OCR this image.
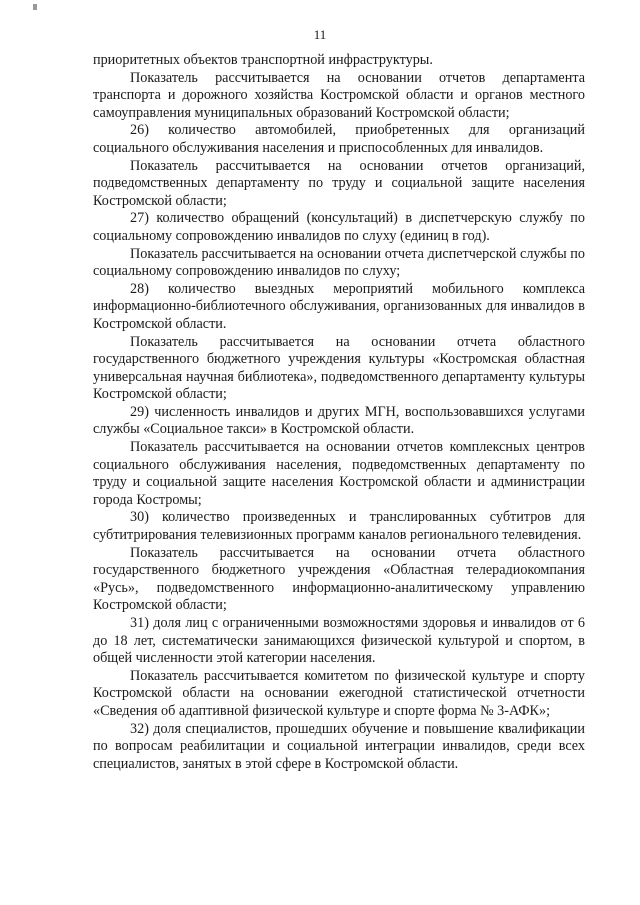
11

приоритетных объектов транспортной инфраструктуры.

Показатель рассчитывается на основании отчетов департамента транспорта и дорожного хозяйства Костромской области и органов местного самоуправления муниципальных образований Костромской области;

26) количество автомобилей, приобретенных для организаций социального обслуживания населения и приспособленных для инвалидов.

Показатель рассчитывается на основании отчетов организаций, подведомственных департаменту по труду и социальной защите населения Костромской области;

27) количество обращений (консультаций) в диспетчерскую службу по социальному сопровождению инвалидов по слуху (единиц в год).

Показатель рассчитывается на основании отчета диспетчерской службы по социальному сопровождению инвалидов по слуху;

28) количество выездных мероприятий мобильного комплекса информационно-библиотечного обслуживания, организованных для инвалидов в Костромской области.

Показатель рассчитывается на основании отчета областного государственного бюджетного учреждения культуры «Костромская областная универсальная научная библиотека», подведомственного департаменту культуры Костромской области;

29) численность инвалидов и других МГН, воспользовавшихся услугами службы «Социальное такси» в Костромской области.

Показатель рассчитывается на основании отчетов комплексных центров социального обслуживания населения, подведомственных департаменту по труду и социальной защите населения Костромской области и администрации города Костромы;

30) количество произведенных и транслированных субтитров для субтитрирования телевизионных программ каналов регионального телевидения.

Показатель рассчитывается на основании отчета областного государственного бюджетного учреждения «Областная телерадиокомпания «Русь», подведомственного информационно-аналитическому управлению Костромской области;

31) доля лиц с ограниченными возможностями здоровья и инвалидов от 6 до 18 лет, систематически занимающихся физической культурой и спортом, в общей численности этой категории населения.

Показатель рассчитывается комитетом по физической культуре и спорту Костромской области на основании ежегодной статистической отчетности «Сведения об адаптивной физической культуре и спорте форма № 3-АФК»;

32) доля специалистов, прошедших обучение и повышение квалификации по вопросам реабилитации и социальной интеграции инвалидов, среди всех специалистов, занятых в этой сфере в Костромской области.
